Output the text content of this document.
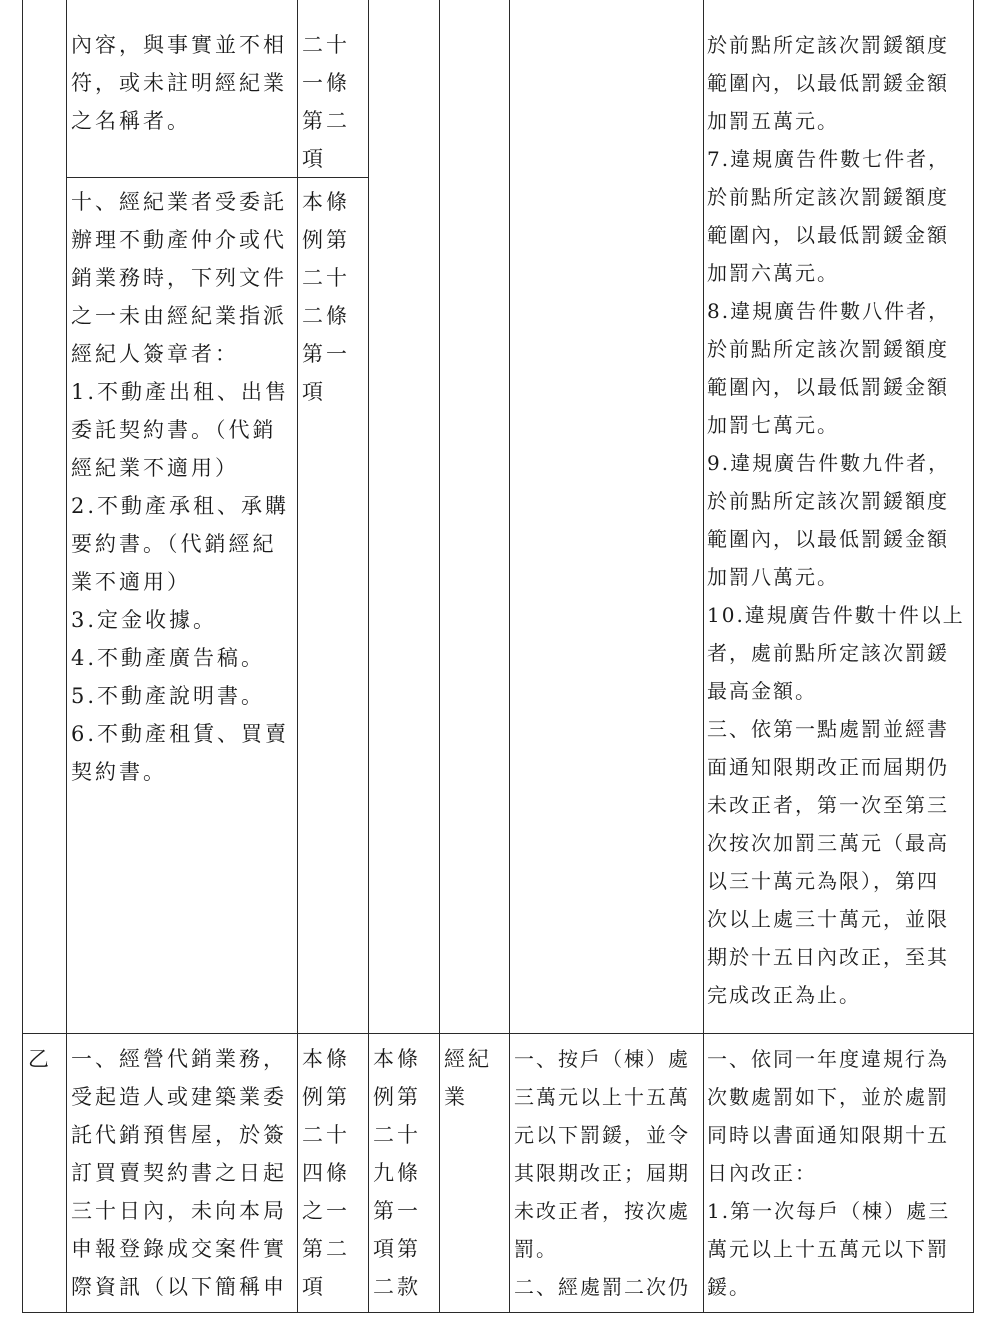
內容，與事實並不相
符，或未註明經紀業
之名稱者。
二十
一條
第二
項
十、經紀業者受委託
辦理不動產仲介或代
銷業務時，下列文件
之一未由經紀業指派
經紀人簽章者：
1.不動產出租、出售
委託契約書。（代銷
經紀業不適用）
2.不動產承租、承購
要約書。（代銷經紀
業不適用）
3.定金收據。
4.不動產廣告稿。
5.不動產說明書。
6.不動產租賃、買賣
契約書。
本條
例第
二十
二條
第一
項
於前點所定該次罰鍰額度
範圍內，以最低罰鍰金額
加罰五萬元。
7.違規廣告件數七件者，
於前點所定該次罰鍰額度
範圍內，以最低罰鍰金額
加罰六萬元。
8.違規廣告件數八件者，
於前點所定該次罰鍰額度
範圍內，以最低罰鍰金額
加罰七萬元。
9.違規廣告件數九件者，
於前點所定該次罰鍰額度
範圍內，以最低罰鍰金額
加罰八萬元。
10.違規廣告件數十件以上
者，處前點所定該次罰鍰
最高金額。
三、依第一點處罰並經書
面通知限期改正而屆期仍
未改正者，第一次至第三
次按次加罰三萬元（最高
以三十萬元為限），第四
次以上處三十萬元，並限
期於十五日內改正，至其
完成改正為止。
乙 一、經營代銷業務，
受起造人或建築業委
託代銷預售屋，於簽
訂買賣契約書之日起
三十日內，未向本局
申報登錄成交案件實
際資訊（以下簡稱申
本條
例第
二十
四條
之一
第二
項
本條
例第
二十
九條
第一
項第
二款
經紀
業
一、按戶（棟）處
三萬元以上十五萬
元以下罰鍰，並令
其限期改正；屆期
未改正者，按次處
罰。
二、經處罰二次仍
一、依同一年度違規行為
次數處罰如下，並於處罰
同時以書面通知限期十五
日內改正：
1.第一次每戶（棟）處三
萬元以上十五萬元以下罰
鍰。
